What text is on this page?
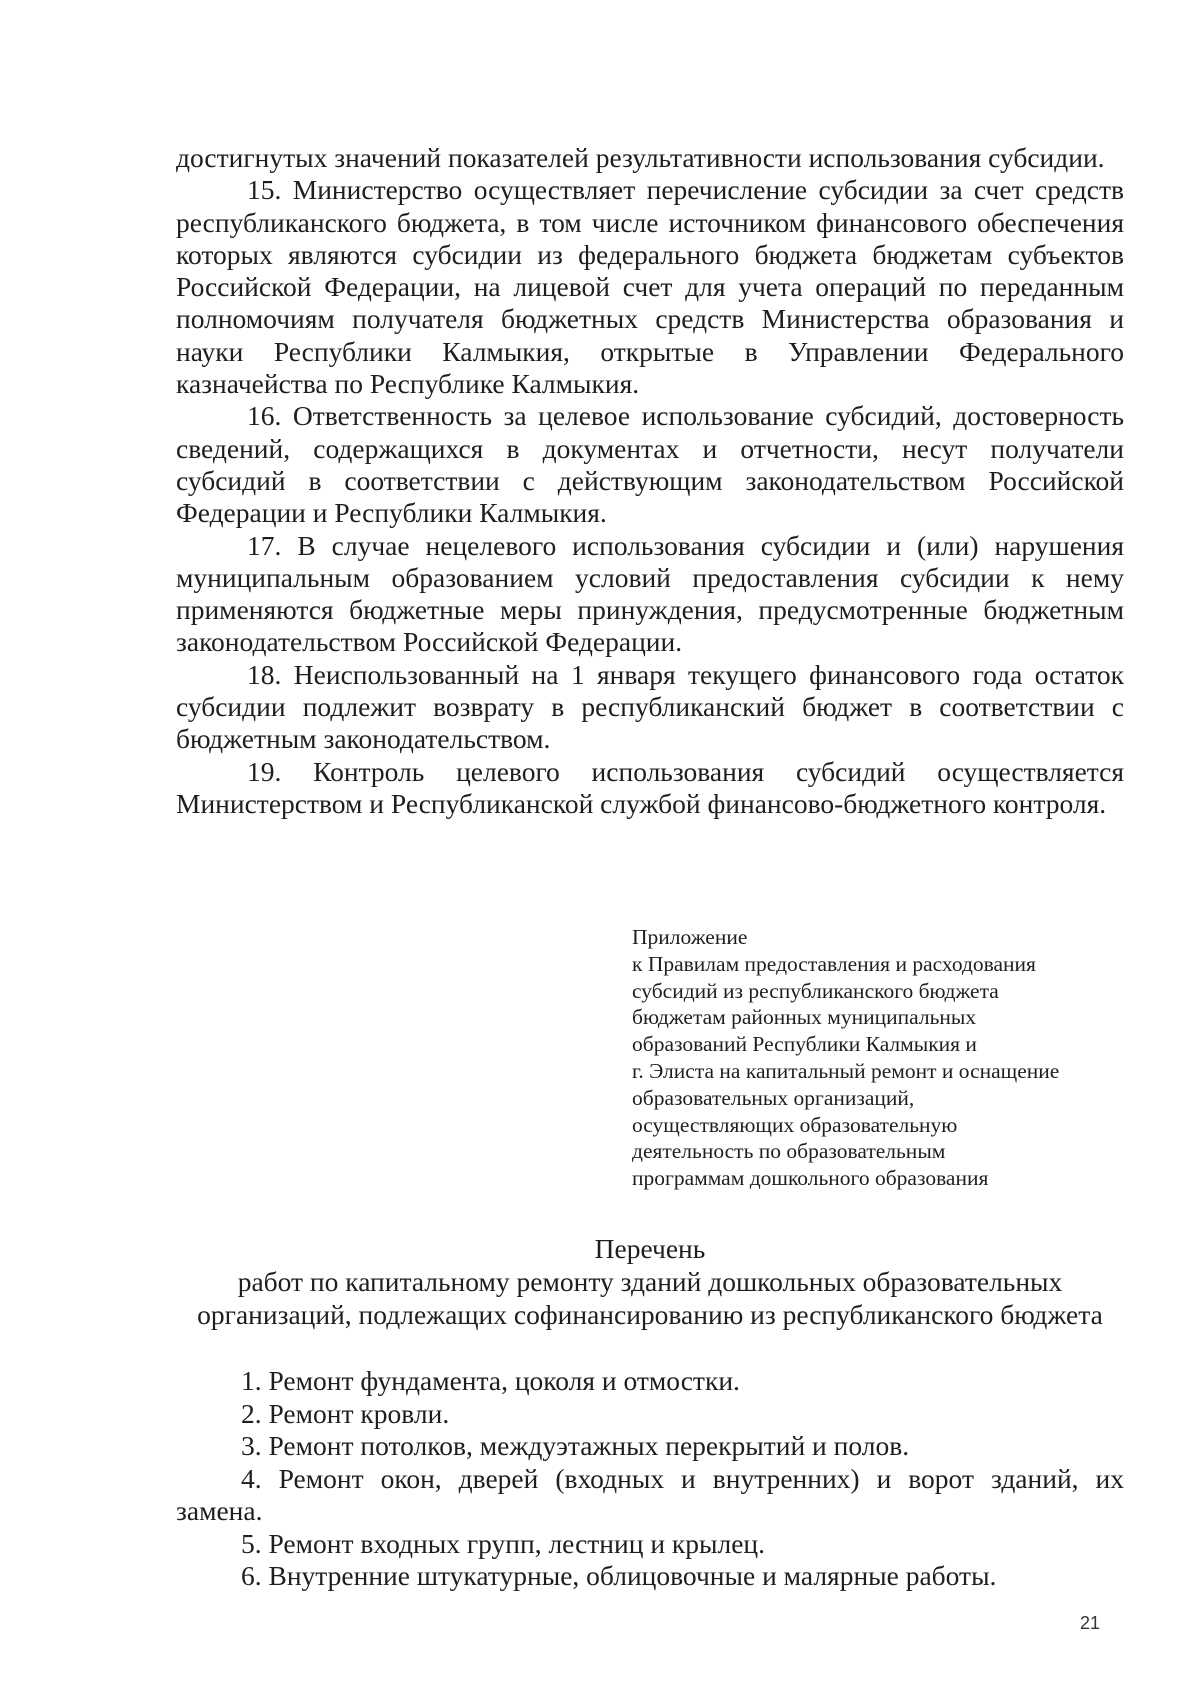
достигнутых значений показателей результативности использования субсидии.

15. Министерство осуществляет перечисление субсидии за счет средств республиканского бюджета, в том числе источником финансового обеспечения которых являются субсидии из федерального бюджета бюджетам субъектов Российской Федерации, на лицевой счет для учета операций по переданным полномочиям получателя бюджетных средств Министерства образования и науки Республики Калмыкия, открытые в Управлении Федерального казначейства по Республике Калмыкия.

16. Ответственность за целевое использование субсидий, достоверность сведений, содержащихся в документах и отчетности, несут получатели субсидий в соответствии с действующим законодательством Российской Федерации и Республики Калмыкия.

17. В случае нецелевого использования субсидии и (или) нарушения муниципальным образованием условий предоставления субсидии к нему применяются бюджетные меры принуждения, предусмотренные бюджетным законодательством Российской Федерации.

18. Неиспользованный на 1 января текущего финансового года остаток субсидии подлежит возврату в республиканский бюджет в соответствии с бюджетным законодательством.

19. Контроль целевого использования субсидий осуществляется Министерством и Республиканской службой финансово-бюджетного контроля.

Приложение
к Правилам предоставления и расходования
субсидий из республиканского бюджета
бюджетам районных муниципальных
образований Республики Калмыкия и
г. Элиста на капитальный ремонт и оснащение
образовательных организаций,
осуществляющих образовательную
деятельность по образовательным
программам дошкольного образования
Перечень
работ по капитальному ремонту зданий дошкольных образовательных
организаций, подлежащих софинансированию из республиканского бюджета

1. Ремонт фундамента, цоколя и отмостки.

2. Ремонт кровли.

3. Ремонт потолков, междуэтажных перекрытий и полов.

4. Ремонт окон, дверей (входных и внутренних) и ворот зданий, их

замена.

5. Ремонт входных групп, лестниц и крылец.

6. Внутренние штукатурные, облицовочные и малярные работы.

21
